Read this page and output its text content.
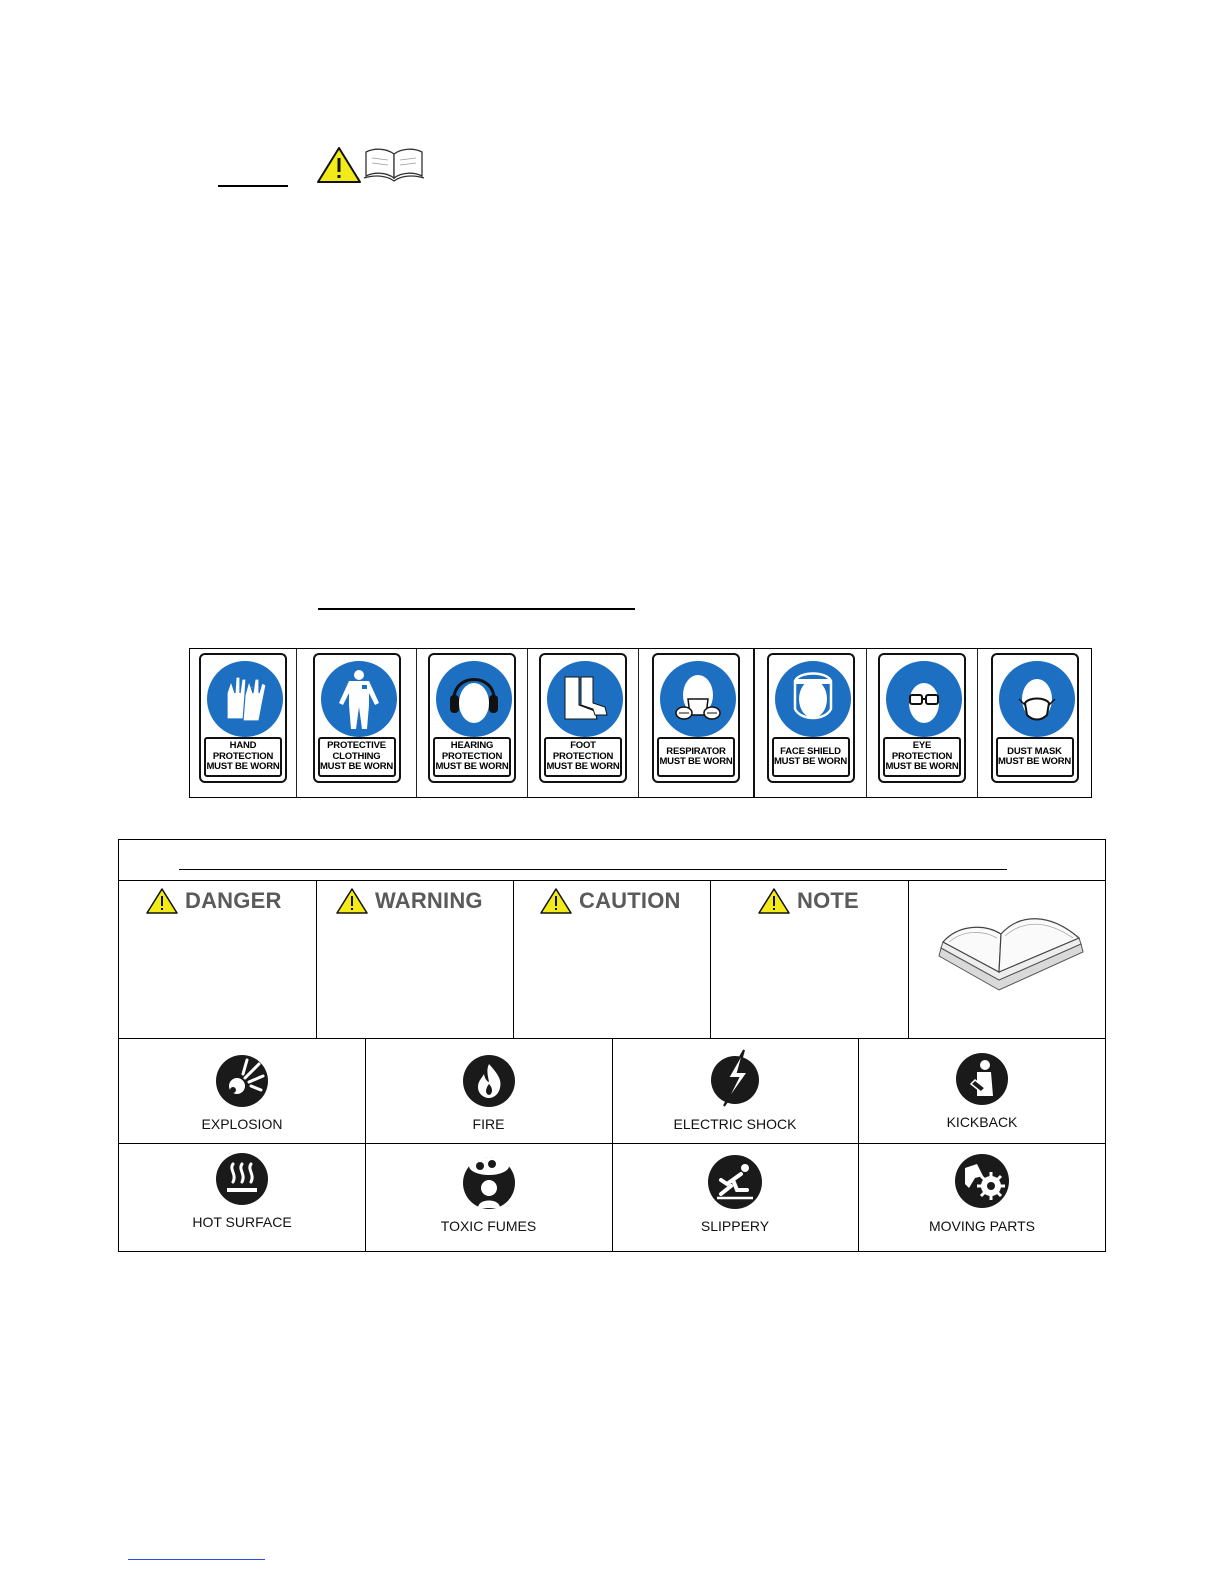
HAND
PROTECTION
MUST BE WORN
PROTECTIVE
CLOTHING
MUST BE WORN
HEARING
PROTECTION
MUST BE WORN
FOOT
PROTECTION
MUST BE WORN
RESPIRATOR
MUST BE WORN
FACE SHIELD
MUST BE WORN
EYE
PROTECTION
MUST BE WORN
DUST MASK
MUST BE WORN
DANGER	WARNING	CAUTION	NOTE
EXPLOSION	FIRE	ELECTRIC SHOCK	KICKBACK
HOT SURFACE	TOXIC FUMES	SLIPPERY	MOVING PARTS
